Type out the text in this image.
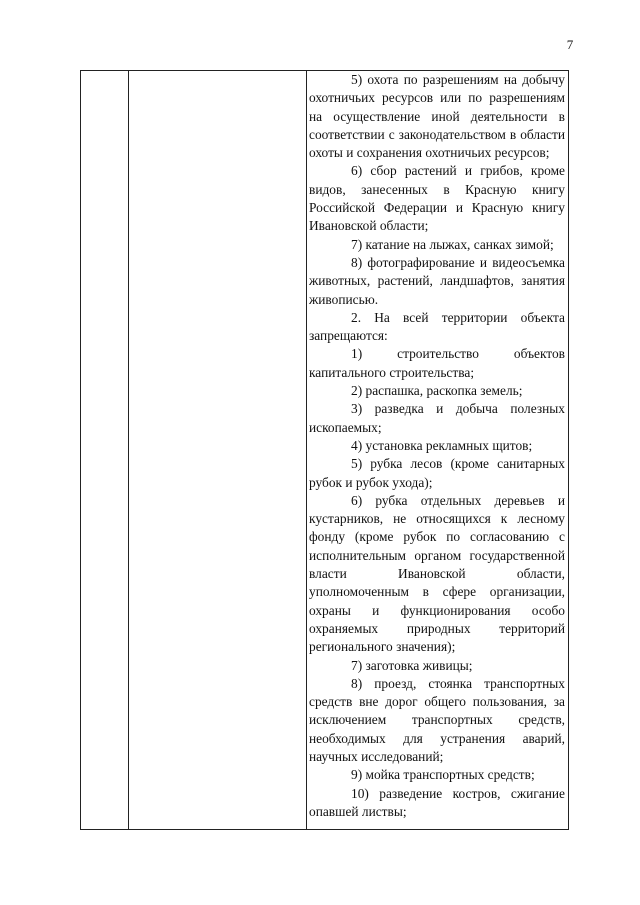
7

5) охота по разрешениям на добычу охотничьих ресурсов или по разрешениям на осуществление иной деятельности в соответствии с законодательством в области охоты и сохранения охотничьих ресурсов;

6) сбор растений и грибов, кроме видов, занесенных в Красную книгу Российской Федерации и Красную книгу Ивановской области;

7) катание на лыжах, санках зимой;

8) фотографирование и видеосъемка животных, растений, ландшафтов, занятия живописью.

2. На всей территории объекта запрещаются:

1) строительство объектов капитального строительства;

2) распашка, раскопка земель;

3) разведка и добыча полезных ископаемых;

4) установка рекламных щитов;

5) рубка лесов (кроме санитарных рубок и рубок ухода);

6) рубка отдельных деревьев и кустарников, не относящихся к лесному фонду (кроме рубок по согласованию с исполнительным органом государственной власти Ивановской области, уполномоченным в сфере организации, охраны и функционирования особо охраняемых природных территорий регионального значения);

7) заготовка живицы;

8) проезд, стоянка транспортных средств вне дорог общего пользования, за исключением транспортных средств, необходимых для устранения аварий, научных исследований;

9) мойка транспортных средств;

10) разведение костров, сжигание опавшей листвы;
